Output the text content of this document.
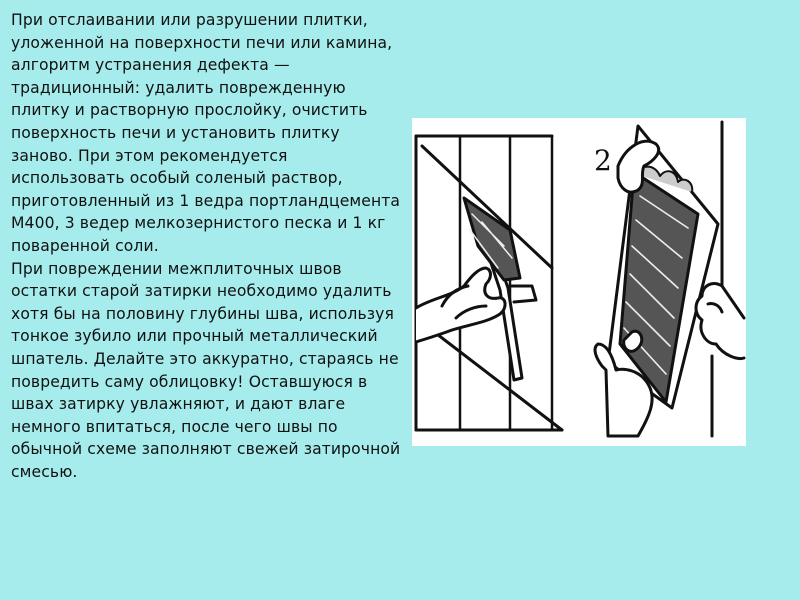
При отслаивании или разрушении плитки, уложенной на поверхности печи или камина, алгоритм устранения дефекта — традиционный: удалить поврежденную плитку и растворную прослойку, очистить поверхность печи и установить плитку заново. При этом рекомендуется использовать особый соленый раствор, приготовленный из 1 ведра портландцемента М400, 3 ведер мелкозернистого песка и 1 кг поваренной соли.
При повреждении межплиточных швов остатки старой затирки необходимо удалить хотя бы на половину глубины шва, используя тонкое зубило или прочный металлический шпатель. Делайте это аккуратно, стараясь не повредить саму облицовку! Оставшуюся в швах затирку увлажняют, и дают влаге немного впитаться, после чего швы по обычной схеме заполняют свежей затирочной смесью.
2
